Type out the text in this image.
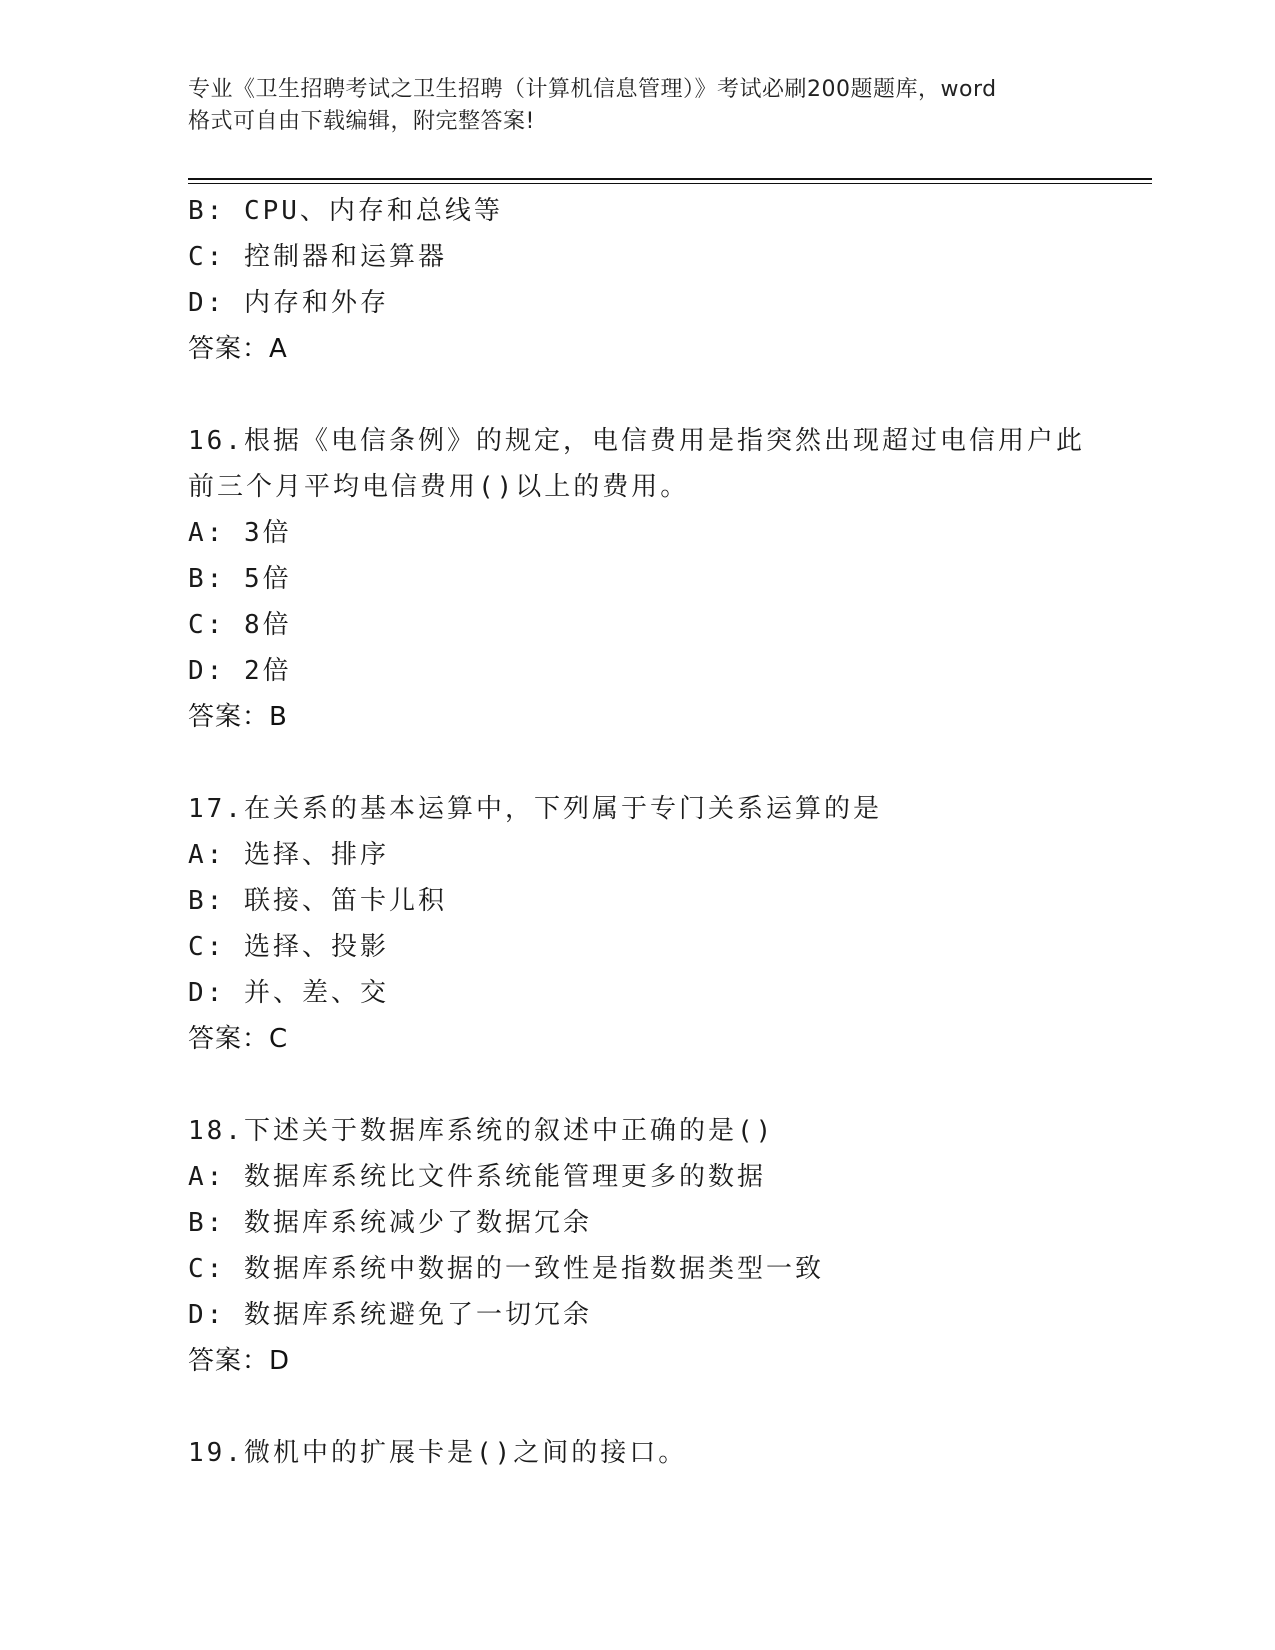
专业《卫生招聘考试之卫生招聘（计算机信息管理）》考试必刷200题题库，word
格式可自由下载编辑，附完整答案!
B: CPU、内存和总线等
C: 控制器和运算器
D: 内存和外存
答案：A
16.根据《电信条例》的规定，电信费用是指突然出现超过电信用户此
前三个月平均电信费用()以上的费用。
A: 3倍
B: 5倍
C: 8倍
D: 2倍
答案：B
17.在关系的基本运算中，下列属于专门关系运算的是
A: 选择、排序
B: 联接、笛卡儿积
C: 选择、投影
D: 并、差、交
答案：C
18.下述关于数据库系统的叙述中正确的是()
A: 数据库系统比文件系统能管理更多的数据
B: 数据库系统减少了数据冗余
C: 数据库系统中数据的一致性是指数据类型一致
D: 数据库系统避免了一切冗余
答案：D
19.微机中的扩展卡是()之间的接口。
